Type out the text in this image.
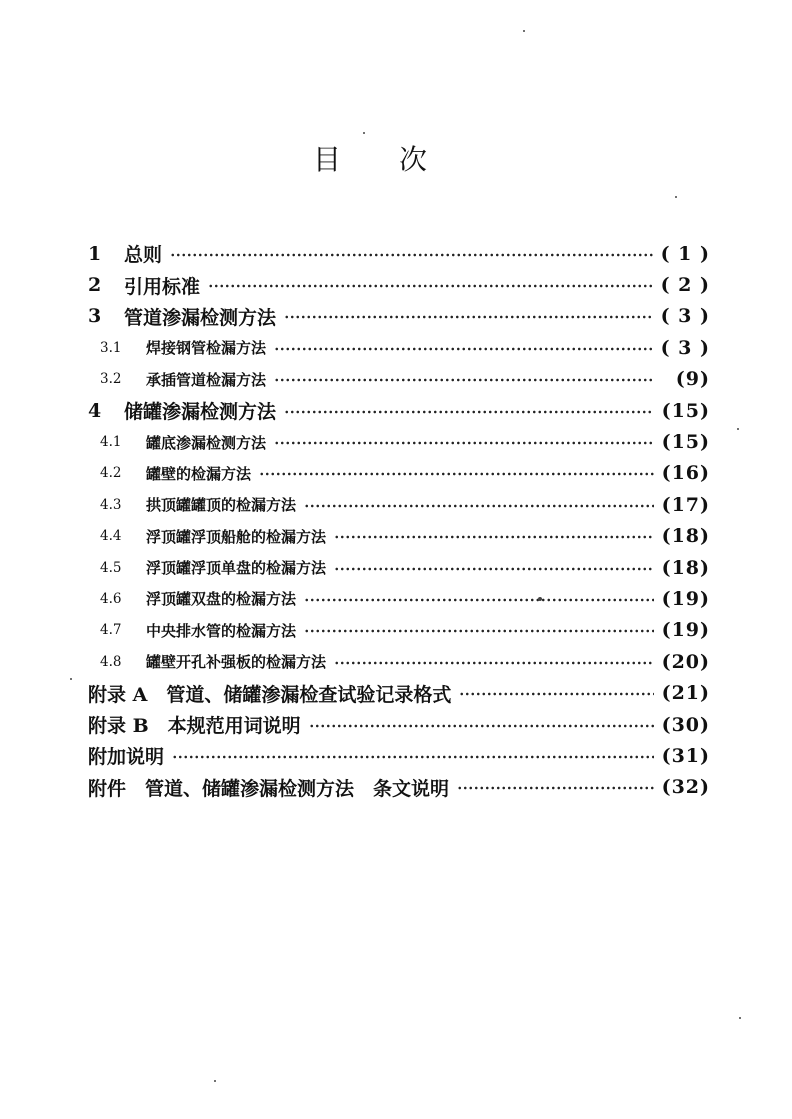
目 次
1	总则	( 1 )
2	引用标准	( 2 )
3	管道渗漏检测方法	( 3 )
3.1	焊接钢管检漏方法	( 3 )
3.2	承插管道检漏方法	(9)
4	储罐渗漏检测方法	(15)
4.1	罐底渗漏检测方法	(15)
4.2	罐壁的检漏方法	(16)
4.3	拱顶罐罐顶的检漏方法	(17)
4.4	浮顶罐浮顶船舱的检漏方法	(18)
4.5	浮顶罐浮顶单盘的检漏方法	(18)
4.6	浮顶罐双盘的检漏方法	(19)
4.7	中央排水管的检漏方法	(19)
4.8	罐壁开孔补强板的检漏方法	(20)
附录 A　管道、储罐渗漏检查试验记录格式	(21)
附录 B　本规范用词说明	(30)
附加说明	(31)
附件　管道、储罐渗漏检测方法　条文说明	(32)
